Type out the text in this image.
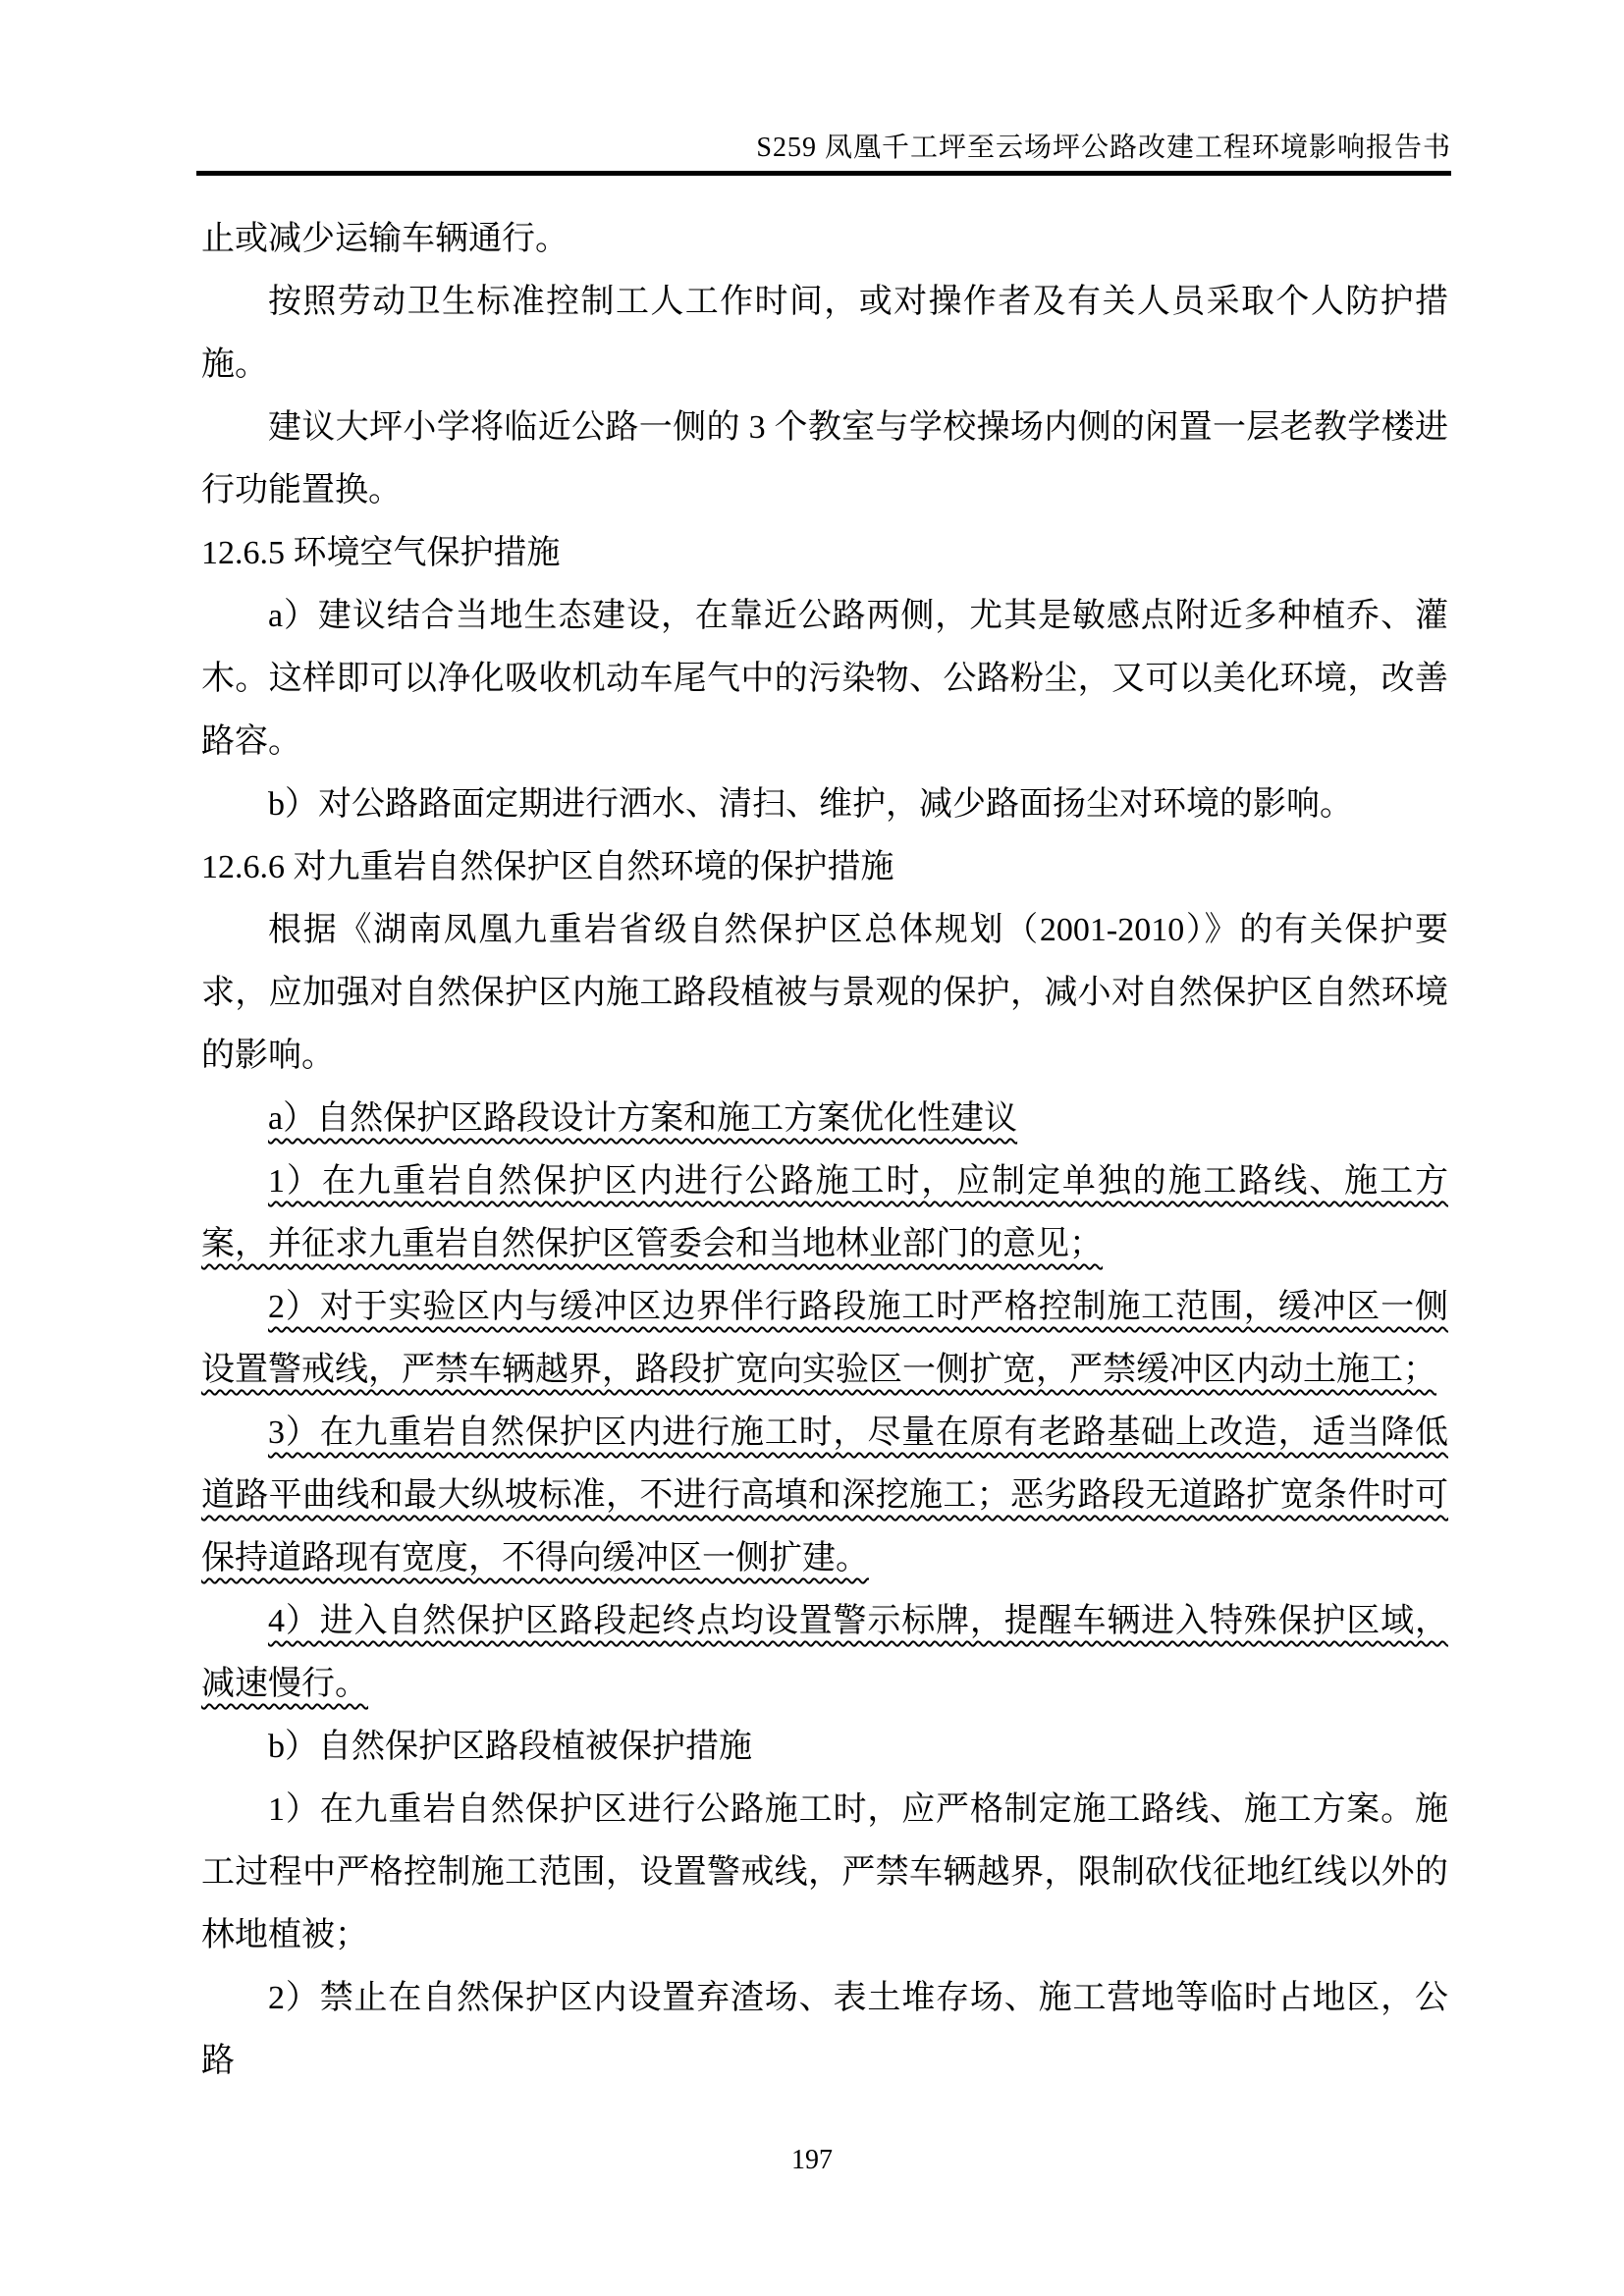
S259 凤凰千工坪至云场坪公路改建工程环境影响报告书

止或减少运输车辆通行。

按照劳动卫生标准控制工人工作时间，或对操作者及有关人员采取个人防护措施。

建议大坪小学将临近公路一侧的 3 个教室与学校操场内侧的闲置一层老教学楼进行功能置换。

12.6.5 环境空气保护措施

a）建议结合当地生态建设，在靠近公路两侧，尤其是敏感点附近多种植乔、灌木。这样即可以净化吸收机动车尾气中的污染物、公路粉尘，又可以美化环境，改善路容。

b）对公路路面定期进行洒水、清扫、维护，减少路面扬尘对环境的影响。

12.6.6 对九重岩自然保护区自然环境的保护措施

根据《湖南凤凰九重岩省级自然保护区总体规划（2001-2010）》的有关保护要求，应加强对自然保护区内施工路段植被与景观的保护，减小对自然保护区自然环境的影响。

a）自然保护区路段设计方案和施工方案优化性建议

1）在九重岩自然保护区内进行公路施工时，应制定单独的施工路线、施工方案，并征求九重岩自然保护区管委会和当地林业部门的意见；

2）对于实验区内与缓冲区边界伴行路段施工时严格控制施工范围，缓冲区一侧设置警戒线，严禁车辆越界，路段扩宽向实验区一侧扩宽，严禁缓冲区内动土施工；

3）在九重岩自然保护区内进行施工时，尽量在原有老路基础上改造，适当降低道路平曲线和最大纵坡标准，不进行高填和深挖施工；恶劣路段无道路扩宽条件时可保持道路现有宽度，不得向缓冲区一侧扩建。

4）进入自然保护区路段起终点均设置警示标牌，提醒车辆进入特殊保护区域，减速慢行。

b）自然保护区路段植被保护措施

1）在九重岩自然保护区进行公路施工时，应严格制定施工路线、施工方案。施工过程中严格控制施工范围，设置警戒线，严禁车辆越界，限制砍伐征地红线以外的林地植被；

2）禁止在自然保护区内设置弃渣场、表土堆存场、施工营地等临时占地区，公路

197
